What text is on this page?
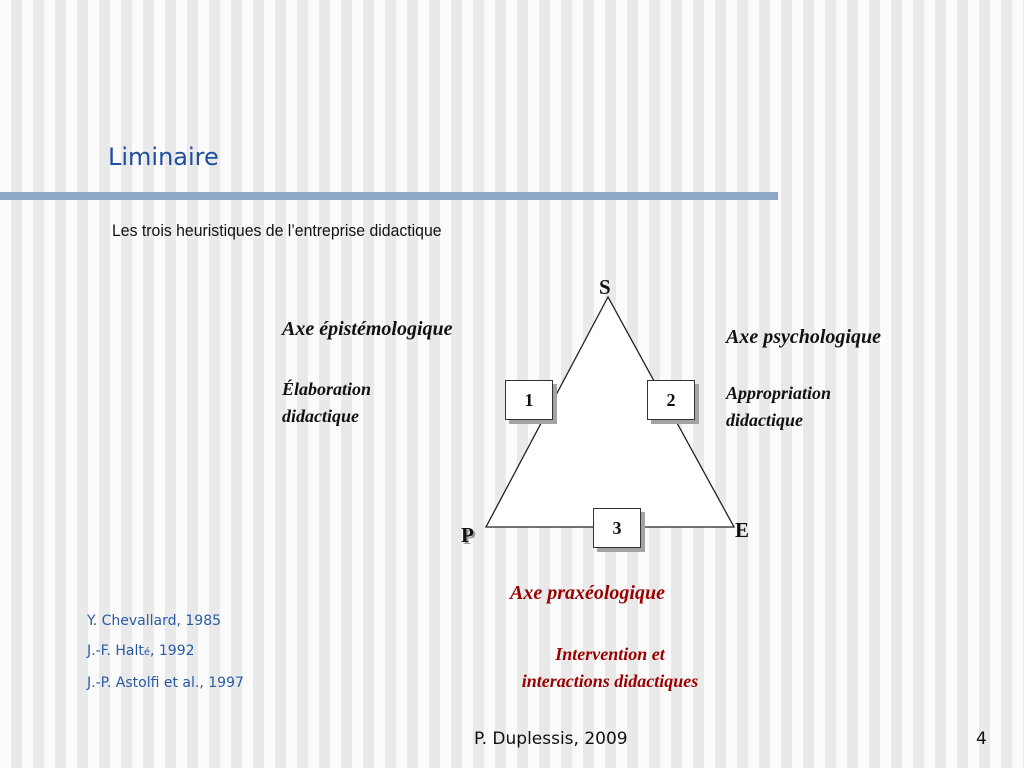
Liminaire
Les trois heuristiques de l’entreprise didactique
S
P	E
1	2
3
Axe épistémologique
Élaboration
didactique
Axe psychologique
Appropriation
didactique
Axe praxéologique
Intervention et
interactions didactiques
Y. Chevallard, 1985
J.-F. Halté, 1992
J.-P. Astolfi et al., 1997
P. Duplessis, 2009	4
